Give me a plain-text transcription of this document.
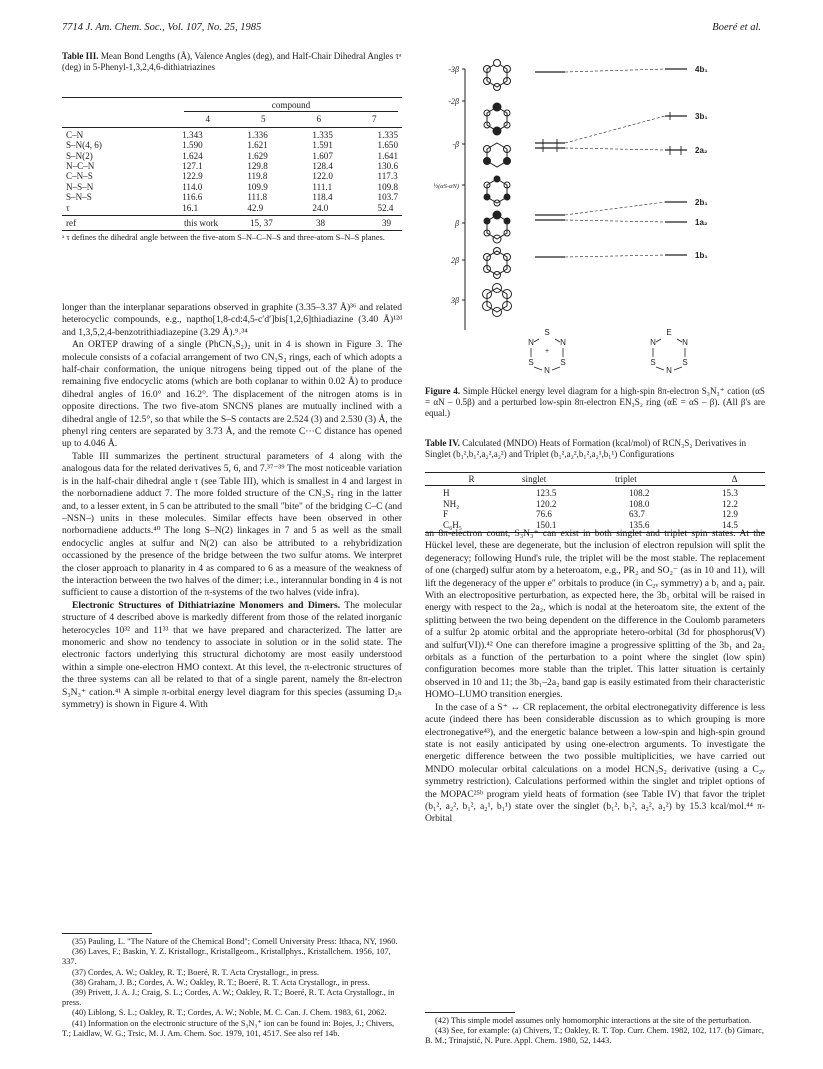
7714 J. Am. Chem. Soc., Vol. 107, No. 25, 1985	Boeré et al.
Table III. Mean Bond Lengths (Å), Valence Angles (deg), and Half-Chair Dihedral Angles τᵃ (deg) in 5-Phenyl-1,3,2,4,6-dithiatriazines
	compound			

	4	5	6	7
C–N	1.343	1.336	1.335	1.335
S–N(4, 6)	1.590	1.621	1.591	1.650
S–N(2)	1.624	1.629	1.607	1.641
N–C–N	127.1	129.8	128.4	130.6
C–N–S	122.9	119.8	122.0	117.3
N–S–N	114.0	109.9	111.1	109.8
S–N–S	116.6	111.8	118.4	103.7
τ	16.1	42.9	24.0	52.4
ref	this work	15, 37	38	39
ᵃ τ defines the dihedral angle between the five-atom S–N–C–N–S and three-atom S–N–S planes.

longer than the interplanar separations observed in graphite (3.35–3.37 Å)³⁶ and related heterocyclic compounds, e.g., naptho[1,8-cd:4,5-c′d′]bis[1,2,6]thiadiazine (3.40 Å)¹²ᵈ and 1,3,5,2,4-benzotrithiadiazepine (3.29 Å).⁹˒³⁴

An ORTEP drawing of a single (PhCN₃S₂)₂ unit in 4 is shown in Figure 3. The molecule consists of a cofacial arrangement of two CN₃S₂ rings, each of which adopts a half-chair conformation, the unique nitrogens being tipped out of the plane of the remaining five endocyclic atoms (which are both coplanar to within 0.02 Å) to produce dihedral angles of 16.0° and 16.2°. The displacement of the nitrogen atoms is in opposite directions. The two five-atom SNCNS planes are mutually inclined with a dihedral angle of 12.5°, so that while the S–S contacts are 2.524 (3) and 2.530 (3) Å, the phenyl ring centers are separated by 3.73 Å, and the remote C···C distance has opened up to 4.046 Å.

Table III summarizes the pertinent structural parameters of 4 along with the analogous data for the related derivatives 5, 6, and 7.³⁷⁻³⁹ The most noticeable variation is in the half-chair dihedral angle τ (see Table III), which is smallest in 4 and largest in the norbornadiene adduct 7. The more folded structure of the CN₃S₂ ring in the latter and, to a lesser extent, in 5 can be attributed to the small "bite" of the bridging C–C (and –NSN–) units in these molecules. Similar effects have been observed in other norbornadiene adducts.⁴⁰ The long S–N(2) linkages in 7 and 5 as well as the small endocyclic angles at sulfur and N(2) can also be attributed to a rehybridization occassioned by the presence of the bridge between the two sulfur atoms. We interpret the closer approach to planarity in 4 as compared to 6 as a measure of the weakness of the interaction between the two halves of the dimer; i.e., interannular bonding in 4 is not sufficient to cause a distortion of the π-systems of the two halves (vide infra).

Electronic Structures of Dithiatriazine Monomers and Dimers. The molecular structure of 4 described above is markedly different from those of the related inorganic heterocycles 10³² and 11³³ that we have prepared and characterized. The latter are monomeric and show no tendency to associate in solution or in the solid state. The electronic factors underlying this structural dichotomy are most easily understood within a simple one-electron HMO context. At this level, the π-electronic structures of the three systems can all be related to that of a single parent, namely the 8π-electron S₃N₃⁺ cation.⁴¹ A simple π-orbital energy level diagram for this species (assuming D₃ₕ symmetry) is shown in Figure 4. With

(35) Pauling, L. "The Nature of the Chemical Bond"; Cornell University Press: Ithaca, NY, 1960.

(36) Laves, F.; Baskin, Y. Z. Kristallogr., Kristallgeom., Kristallphys., Kristallchem. 1956, 107, 337.

(37) Cordes, A. W.; Oakley, R. T.; Boeré, R. T. Acta Crystallogr., in press.

(38) Graham, J. B.; Cordes, A. W.; Oakley, R. T.; Boeré, R. T. Acta Crystallogr., in press.

(39) Privett, J. A. J.; Craig, S. L.; Cordes, A. W.; Oakley, R. T.; Boeré, R. T. Acta Crystallogr., in press.

(40) Liblong, S. L.; Oakley, R. T.; Cordes, A. W.; Noble, M. C. Can. J. Chem. 1983, 61, 2062.

(41) Information on the electronic structure of the S₃N₃⁺ ion can be found in: Bojes, J.; Chivers, T.; Laidlaw, W. G.; Trsic, M. J. Am. Chem. Soc. 1979, 101, 4517. See also ref 14b.

-3β
-2β
-β
½(αS-αN)
β
2β
3β
4b₁
3b₁
2a₂
2b₁
1a₂
1b₁
S
N	N
+
S
N
S
E
N	N
S
N
S
Figure 4. Simple Hückel energy level diagram for a high-spin 8π-electron S₃N₃⁺ cation (αS = αN – 0.5β) and a perturbed low-spin 8π-electron EN₃S₂ ring (αE = αS – β). (All β's are equal.)
Table IV. Calculated (MNDO) Heats of Formation (kcal/mol) of RCN₃S₂ Derivatives in Singlet (b₁²,b₁²,a₂²,a₂²) and Triplet (b₁²,a₂²,b₁²,a₂¹,b₁¹) Configurations
R	singlet	triplet	Δ
H	123.5	108.2	15.3
NH₂	120.2	108.0	12.2
F	76.6	63.7	12.9
C₆H₅	150.1	135.6	14.5

an 8π-electron count, S₃N₃⁺ can exist in both singlet and triplet spin states. At the Hückel level, these are degenerate, but the inclusion of electron repulsion will split the degeneracy; following Hund's rule, the triplet will be the most stable. The replacement of one (charged) sulfur atom by a heteroatom, e.g., PR₂ and SO₂⁻ (as in 10 and 11), will lift the degeneracy of the upper e″ orbitals to produce (in C₂ᵥ symmetry) a b₁ and a₂ pair. With an electropositive perturbation, as expected here, the 3b₁ orbital will be raised in energy with respect to the 2a₂, which is nodal at the heteroatom site, the extent of the splitting between the two being dependent on the difference in the Coulomb parameters of a sulfur 2p atomic orbital and the appropriate hetero-orbital (3d for phosphorus(V) and sulfur(VI)).⁴² One can therefore imagine a progressive splitting of the 3b₁ and 2a₂ orbitals as a function of the perturbation to a point where the singlet (low spin) configuration becomes more stable than the triplet. This latter situation is certainly observed in 10 and 11; the 3b₁–2a₂ band gap is easily estimated from their characteristic HOMO–LUMO transition energies.

In the case of a S⁺ ↔ CR replacement, the orbital electronegativity difference is less acute (indeed there has been considerable discussion as to which grouping is more electronegative⁴³), and the energetic balance between a low-spin and high-spin ground state is not easily anticipated by using one-electron arguments. To investigate the energetic difference between the two possible multiplicities, we have carried out MNDO molecular orbital calculations on a model HCN₃S₂ derivative (using a C₂ᵥ symmetry restriction). Calculations performed within the singlet and triplet options of the MOPAC²⁵ᵇ program yield heats of formation (see Table IV) that favor the triplet (b₁², a₂², b₁², a₂¹, b₁¹) state over the singlet (b₁², b₁², a₂², a₂²) by 15.3 kcal/mol.⁴⁴ π-Orbital

(42) This simple model assumes only homomorphic interactions at the site of the perturbation.

(43) See, for example: (a) Chivers, T.; Oakley, R. T. Top. Curr. Chem. 1982, 102, 117. (b) Gimarc, B. M.; Trinajstić, N. Pure. Appl. Chem. 1980, 52, 1443.
